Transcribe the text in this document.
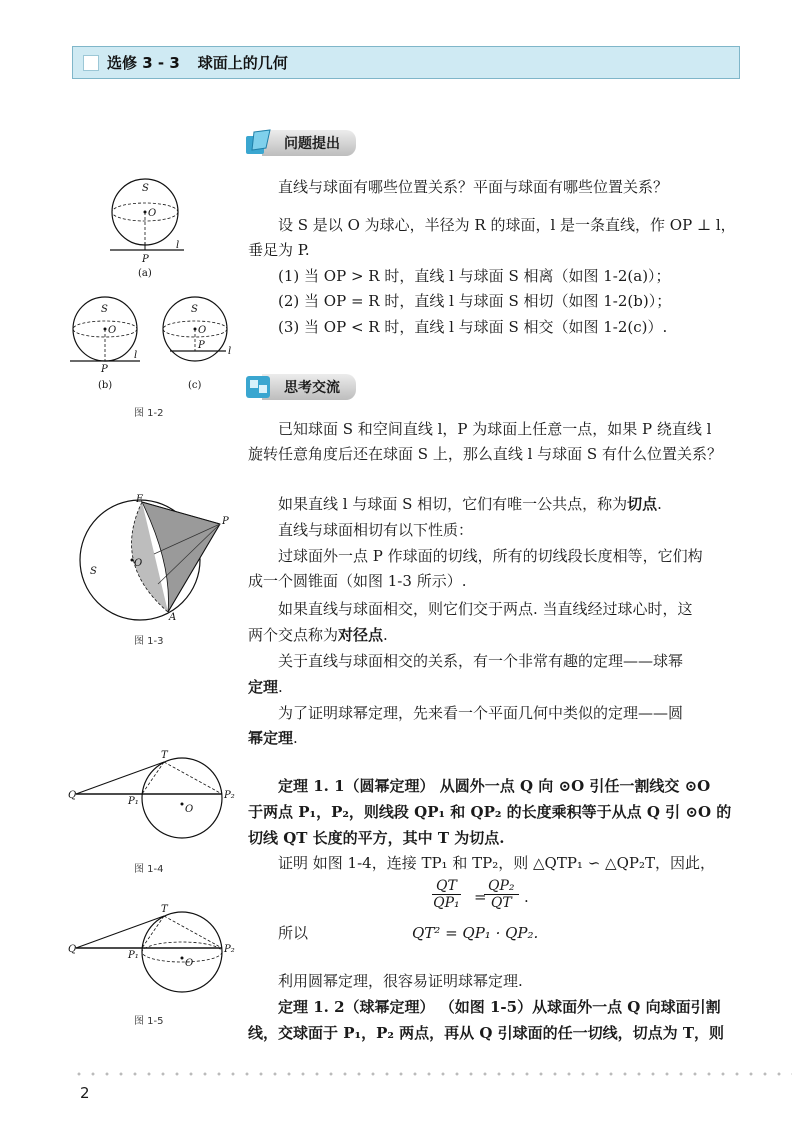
选修 3 - 3 球面上的几何
问题提出
思考交流
直线与球面有哪些位置关系？平面与球面有哪些位置关系？
设 S 是以 O 为球心，半径为 R 的球面，l 是一条直线，作 OP ⊥ l，
垂足为 P.
(1) 当 OP > R 时，直线 l 与球面 S 相离（如图 1-2(a)）；
(2) 当 OP = R 时，直线 l 与球面 S 相切（如图 1-2(b)）；
(3) 当 OP < R 时，直线 l 与球面 S 相交（如图 1-2(c)）.
已知球面 S 和空间直线 l，P 为球面上任意一点，如果 P 绕直线 l
旋转任意角度后还在球面 S 上，那么直线 l 与球面 S 有什么位置关系？
如果直线 l 与球面 S 相切，它们有唯一公共点，称为切点.
直线与球面相切有以下性质：
过球面外一点 P 作球面的切线，所有的切线段长度相等，它们构
成一个圆锥面（如图 1-3 所示）.
如果直线与球面相交，则它们交于两点. 当直线经过球心时，这
两个交点称为对径点.
关于直线与球面相交的关系，有一个非常有趣的定理——球幂
定理.
为了证明球幂定理，先来看一个平面几何中类似的定理——圆
幂定理.
定理 1. 1（圆幂定理） 从圆外一点 Q 向 ⊙O 引任一割线交 ⊙O
于两点 P₁，P₂，则线段 QP₁ 和 QP₂ 的长度乘积等于从点 Q 引 ⊙O 的
切线 QT 长度的平方，其中 T 为切点.
证明 如图 1-4，连接 TP₁ 和 TP₂，则 △QTP₁ ∽ △QP₂T，因此，
$\frac{QT}{\text{QP₁}}$ =
$\frac{\text{QP₂}}{QT}$ .
所以	QT² = QP₁ · QP₂.
利用圆幂定理，很容易证明球幂定理.
定理 1. 2（球幂定理） （如图 1-5）从球面外一点 Q 向球面引割
线，交球面于 P₁，P₂ 两点，再从 Q 引球面的任一切线，切点为 T，则
S
O
P
l
(a)
S
O
P
l
(b)
S
O
P
l
(c)
图 1-2
E
P
O
S
A
图 1-3
T
Q
P₁
P₂
O
图 1-4
T
Q
P₁
P₂
O
图 1-5
2
